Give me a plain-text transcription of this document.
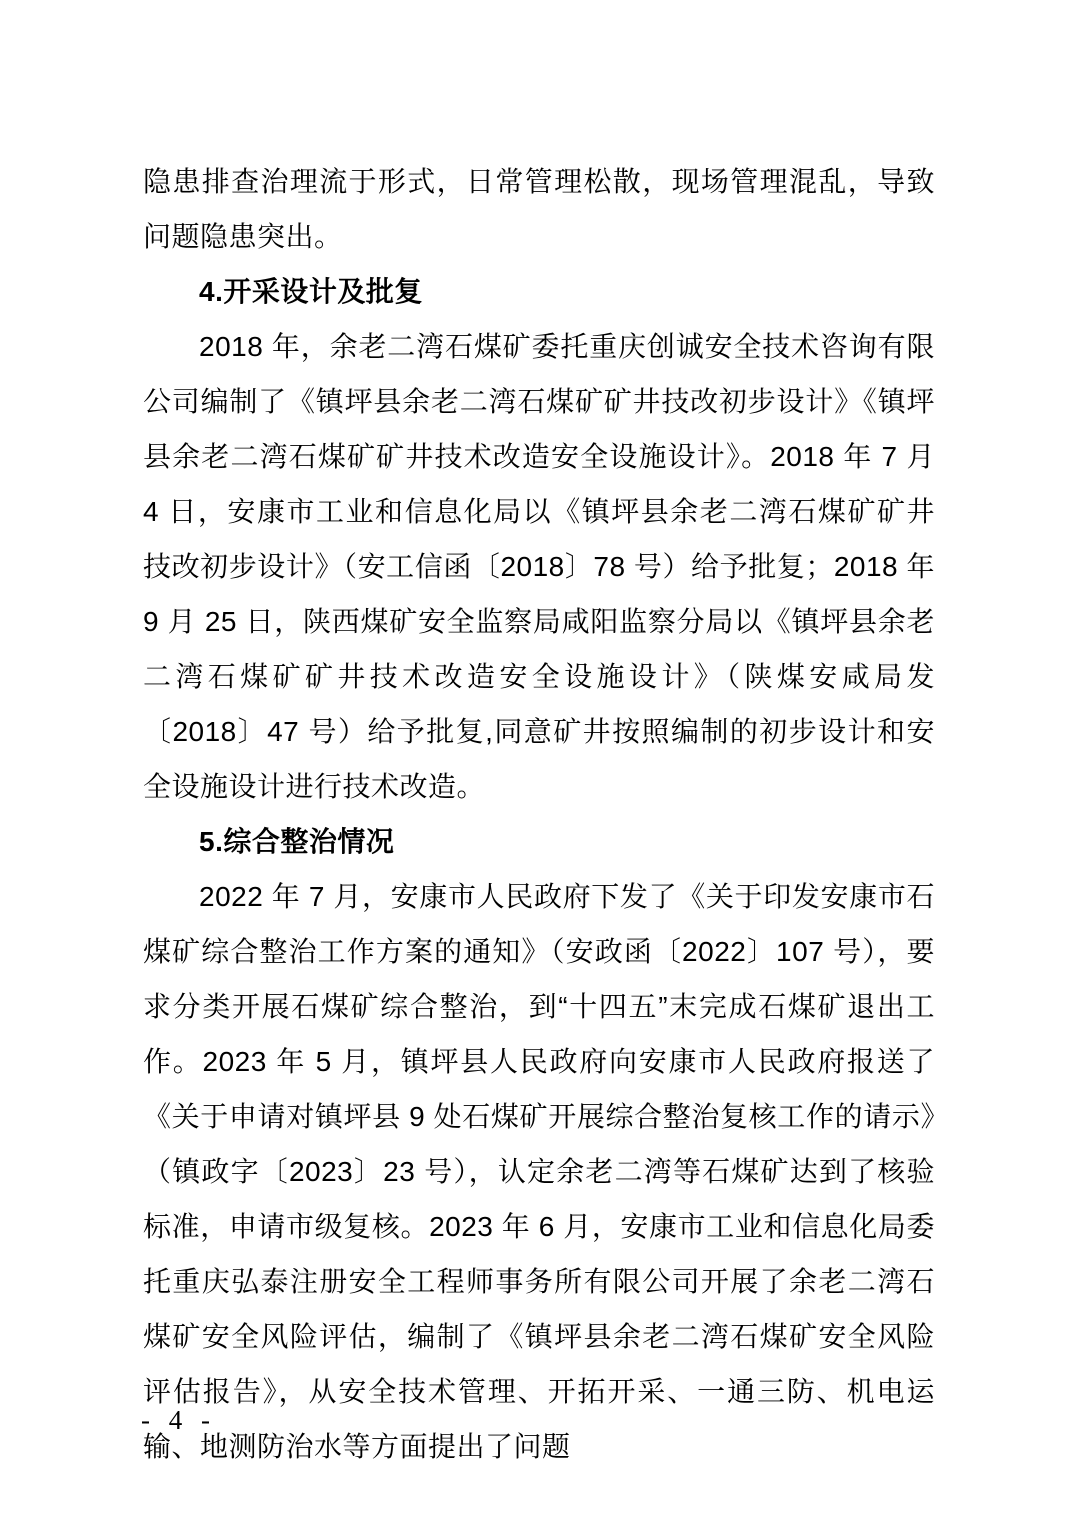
隐患排查治理流于形式，日常管理松散，现场管理混乱，导致问题隐患突出。

4.开采设计及批复

2018 年，余老二湾石煤矿委托重庆创诚安全技术咨询有限公司编制了《镇坪县余老二湾石煤矿矿井技改初步设计》《镇坪县余老二湾石煤矿矿井技术改造安全设施设计》。2018 年 7 月 4 日，安康市工业和信息化局以《镇坪县余老二湾石煤矿矿井技改初步设计》（安工信函〔2018〕78 号）给予批复；2018 年 9 月 25 日，陕西煤矿安全监察局咸阳监察分局以《镇坪县余老二湾石煤矿矿井技术改造安全设施设计》（陕煤安咸局发〔2018〕47 号）给予批复,同意矿井按照编制的初步设计和安全设施设计进行技术改造。

5.综合整治情况

2022 年 7 月，安康市人民政府下发了《关于印发安康市石煤矿综合整治工作方案的通知》（安政函〔2022〕107 号），要求分类开展石煤矿综合整治，到“十四五”末完成石煤矿退出工作。2023 年 5 月，镇坪县人民政府向安康市人民政府报送了《关于申请对镇坪县 9 处石煤矿开展综合整治复核工作的请示》（镇政字〔2023〕23 号），认定余老二湾等石煤矿达到了核验标准，申请市级复核。2023 年 6 月，安康市工业和信息化局委托重庆弘泰注册安全工程师事务所有限公司开展了余老二湾石煤矿安全风险评估，编制了《镇坪县余老二湾石煤矿安全风险评估报告》，从安全技术管理、开拓开采、一通三防、机电运输、地测防治水等方面提出了问题

- 4 -
